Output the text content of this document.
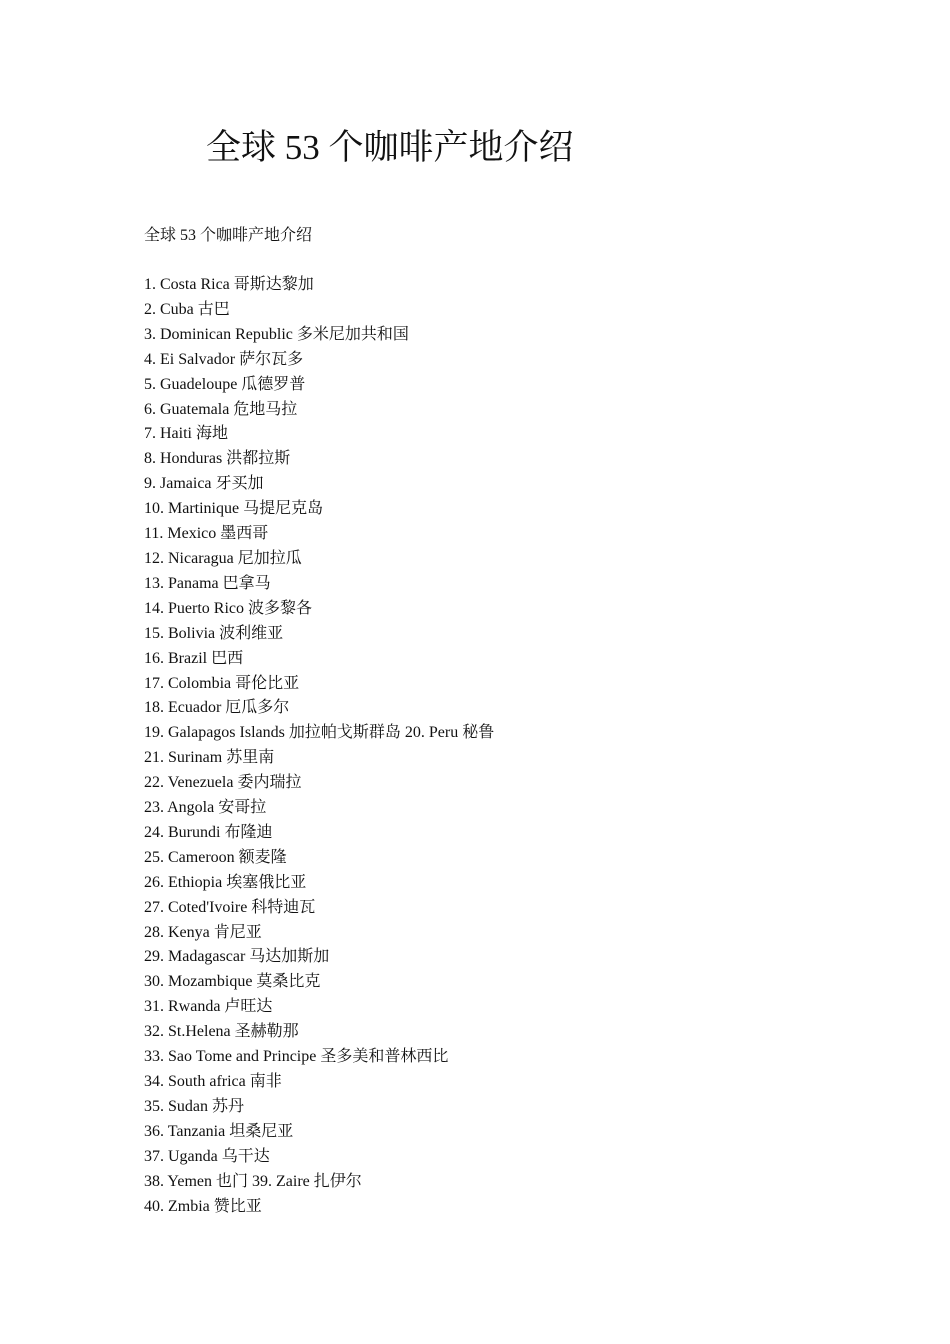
全球 53 个咖啡产地介绍

全球 53 个咖啡产地介绍

1. Costa Rica 哥斯达黎加
2. Cuba 古巴
3. Dominican Republic 多米尼加共和国
4. Ei Salvador 萨尔瓦多
5. Guadeloupe 瓜德罗普
6. Guatemala 危地马拉
7. Haiti 海地
8. Honduras 洪都拉斯
9. Jamaica 牙买加
10. Martinique 马提尼克岛
11. Mexico 墨西哥
12. Nicaragua 尼加拉瓜
13. Panama 巴拿马
14. Puerto Rico 波多黎各
15. Bolivia 波利维亚
16. Brazil 巴西
17. Colombia 哥伦比亚
18. Ecuador 厄瓜多尔
19. Galapagos Islands 加拉帕戈斯群岛 20. Peru 秘鲁
21. Surinam 苏里南
22. Venezuela 委内瑞拉
23. Angola 安哥拉
24. Burundi 布隆迪
25. Cameroon 额麦隆
26. Ethiopia 埃塞俄比亚
27. Coted'Ivoire 科特迪瓦
28. Kenya 肯尼亚
29. Madagascar 马达加斯加
30. Mozambique 莫桑比克
31. Rwanda 卢旺达
32. St.Helena 圣赫勒那
33. Sao Tome and Principe 圣多美和普林西比
34. South africa 南非
35. Sudan 苏丹
36. Tanzania 坦桑尼亚
37. Uganda 乌干达
38. Yemen 也门 39. Zaire 扎伊尔
40. Zmbia 赞比亚
